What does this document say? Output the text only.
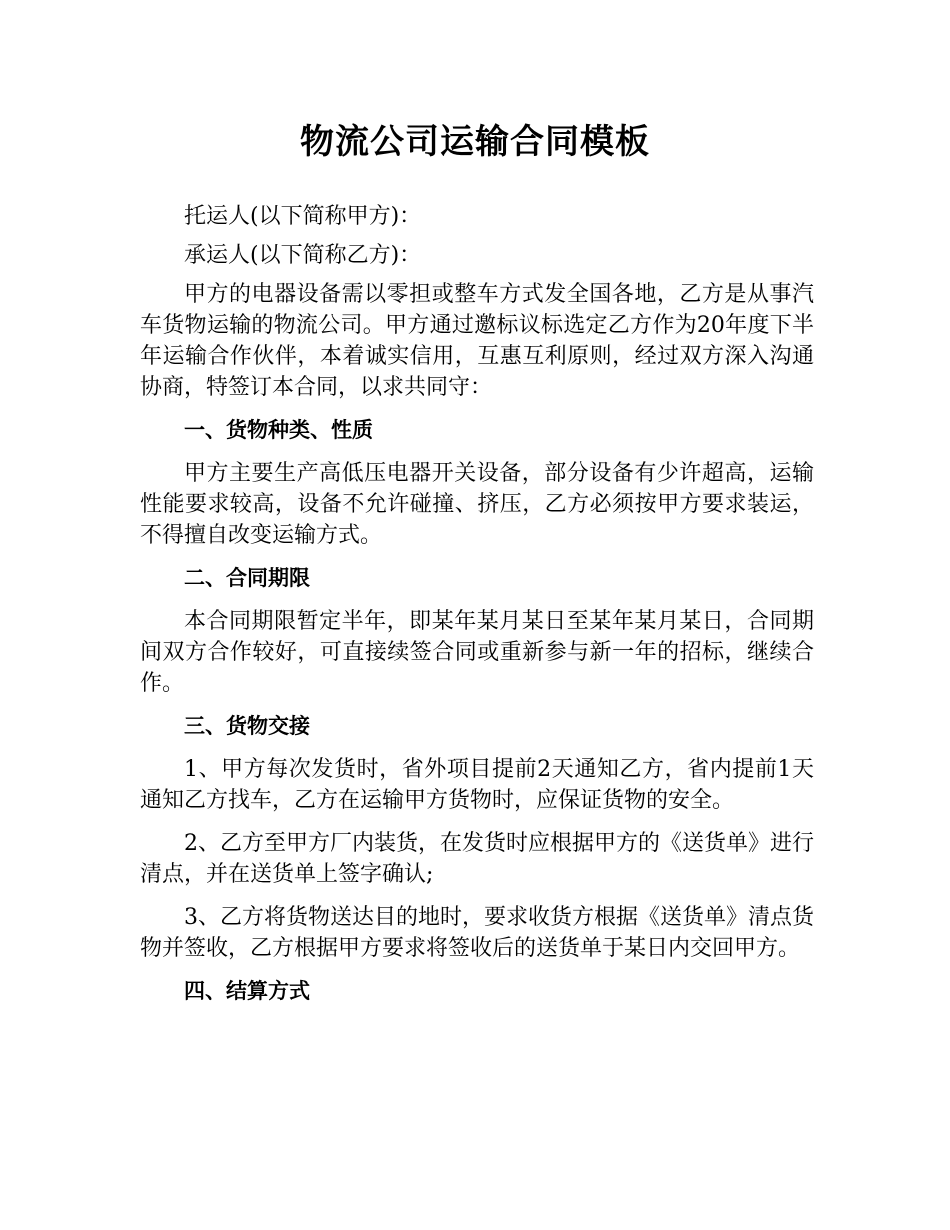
物流公司运输合同模板

托运人(以下简称甲方)：

承运人(以下简称乙方)：

甲方的电器设备需以零担或整车方式发全国各地，乙方是从事汽车货物运输的物流公司。甲方通过邀标议标选定乙方作为20年度下半年运输合作伙伴，本着诚实信用，互惠互利原则，经过双方深入沟通协商，特签订本合同，以求共同守：

一、货物种类、性质

甲方主要生产高低压电器开关设备，部分设备有少许超高，运输性能要求较高，设备不允许碰撞、挤压，乙方必须按甲方要求装运，不得擅自改变运输方式。

二、合同期限

本合同期限暂定半年，即某年某月某日至某年某月某日，合同期间双方合作较好，可直接续签合同或重新参与新一年的招标，继续合作。

三、货物交接

1、甲方每次发货时，省外项目提前2天通知乙方，省内提前1天通知乙方找车，乙方在运输甲方货物时，应保证货物的安全。

2、乙方至甲方厂内装货，在发货时应根据甲方的《送货单》进行清点，并在送货单上签字确认;

3、乙方将货物送达目的地时，要求收货方根据《送货单》清点货物并签收，乙方根据甲方要求将签收后的送货单于某日内交回甲方。

四、结算方式
